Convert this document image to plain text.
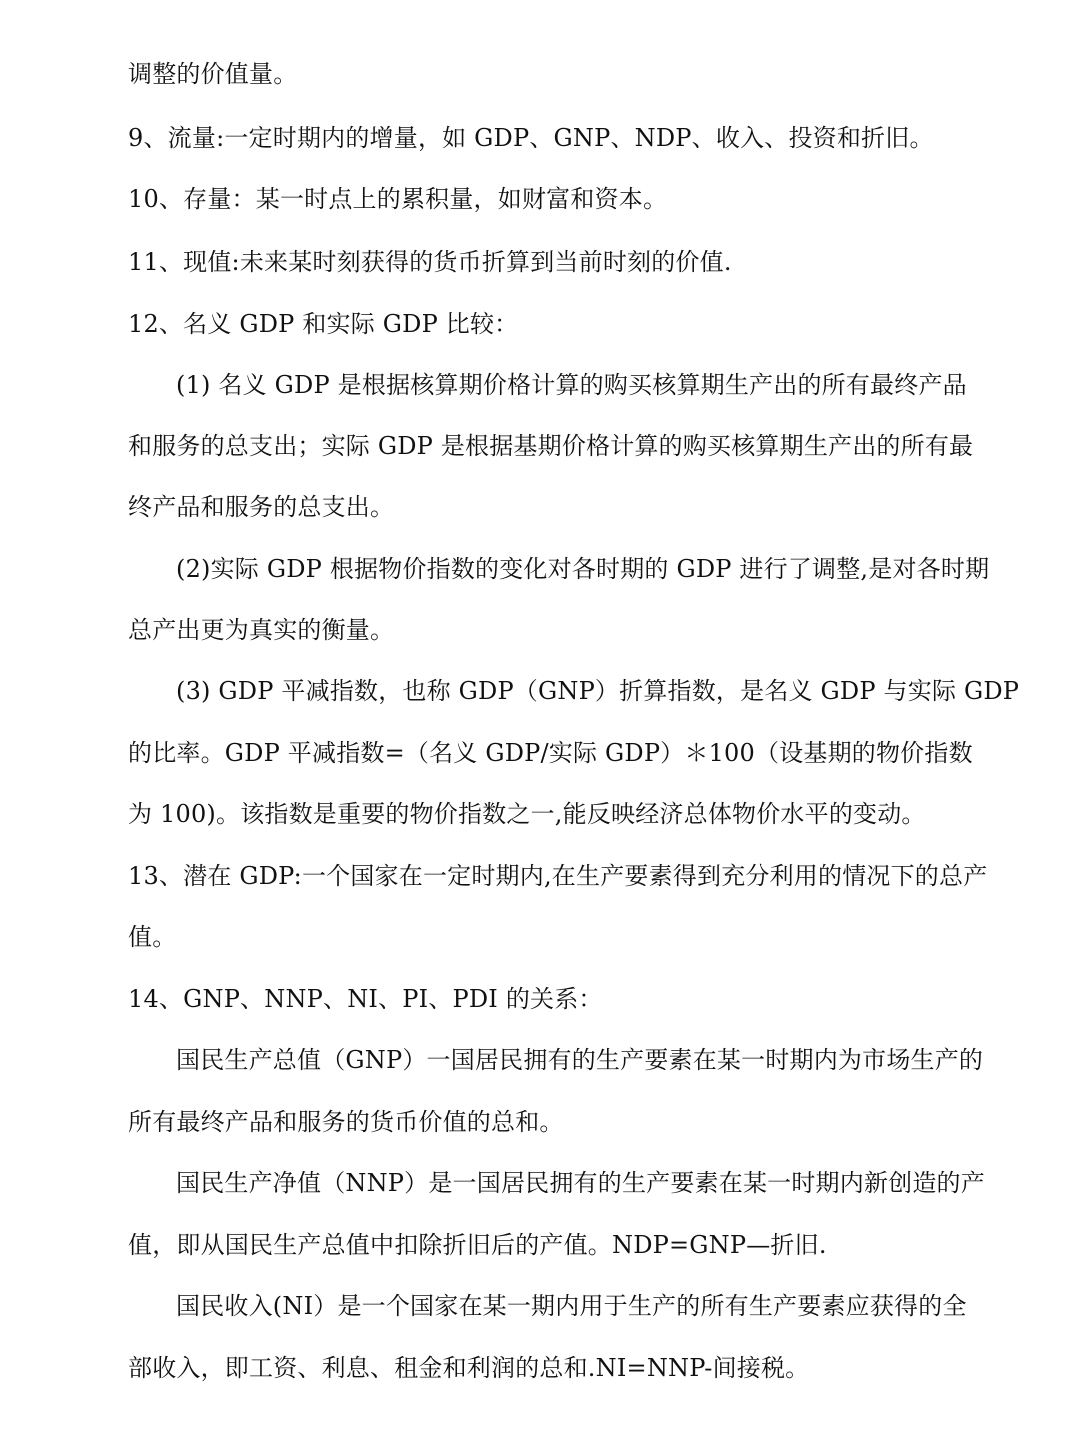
调整的价值量。
9、流量:一定时期内的增量，如 GDP、GNP、NDP、收入、投资和折旧。
10、存量：某一时点上的累积量，如财富和资本。
11、现值:未来某时刻获得的货币折算到当前时刻的价值.
12、名义 GDP 和实际 GDP 比较：
(1) 名义 GDP 是根据核算期价格计算的购买核算期生产出的所有最终产品
和服务的总支出；实际 GDP 是根据基期价格计算的购买核算期生产出的所有最
终产品和服务的总支出。
(2)实际 GDP 根据物价指数的变化对各时期的 GDP 进行了调整,是对各时期
总产出更为真实的衡量。
(3) GDP 平减指数，也称 GDP（GNP）折算指数，是名义 GDP 与实际 GDP
的比率。GDP 平减指数=（名义 GDP/实际 GDP）＊100（设基期的物价指数
为 100)。该指数是重要的物价指数之一,能反映经济总体物价水平的变动。
13、潜在 GDP:一个国家在一定时期内,在生产要素得到充分利用的情况下的总产
值。
14、GNP、NNP、NI、PI、PDI 的关系：
国民生产总值（GNP）一国居民拥有的生产要素在某一时期内为市场生产的
所有最终产品和服务的货币价值的总和。
国民生产净值（NNP）是一国居民拥有的生产要素在某一时期内新创造的产
值，即从国民生产总值中扣除折旧后的产值。NDP=GNP—折旧.
国民收入(NI）是一个国家在某一期内用于生产的所有生产要素应获得的全
部收入，即工资、利息、租金和利润的总和.NI=NNP-间接税。
